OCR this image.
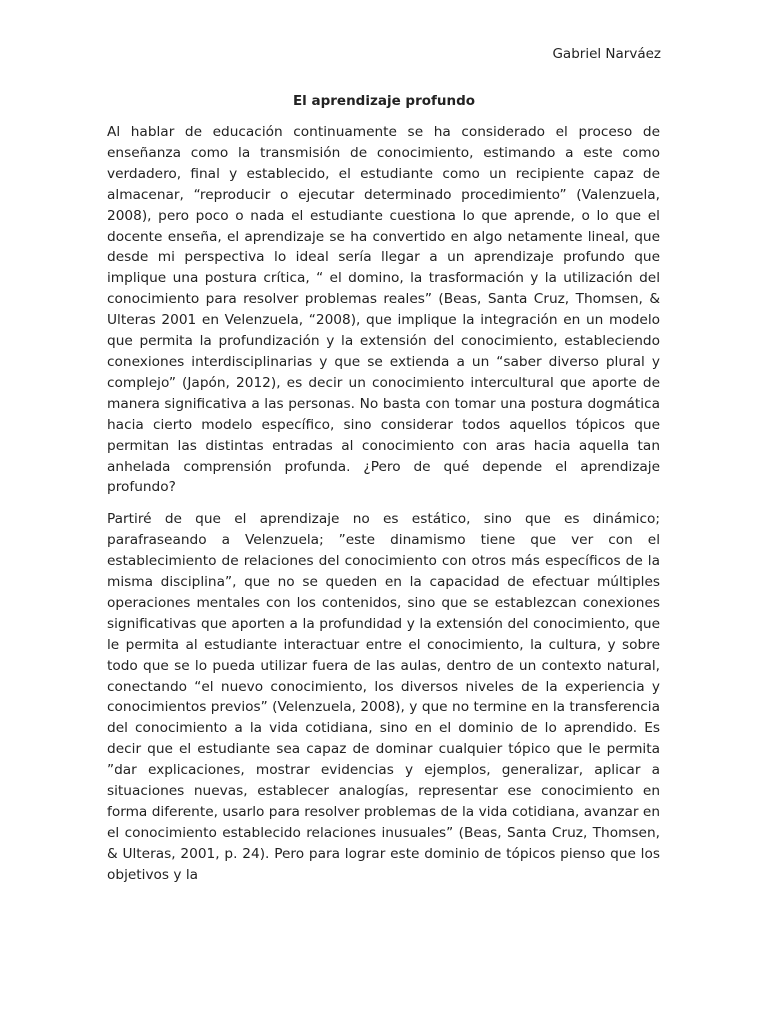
Gabriel Narváez
El aprendizaje profundo

Al hablar de educación continuamente se ha considerado el proceso de enseñanza como la transmisión de conocimiento, estimando a este como verdadero, final y establecido, el estudiante como un recipiente capaz de almacenar, “reproducir o ejecutar determinado procedimiento” (Valenzuela, 2008), pero poco o nada el estudiante cuestiona lo que aprende, o lo que el docente enseña, el aprendizaje se ha convertido en algo netamente lineal, que desde mi perspectiva lo ideal sería llegar a un aprendizaje profundo que implique una postura crítica, “ el domino, la trasformación y la utilización del conocimiento para resolver problemas reales” (Beas, Santa Cruz, Thomsen, & Ulteras 2001 en Velenzuela, “2008), que implique la integración en un modelo que permita la profundización y la extensión del conocimiento, estableciendo conexiones interdisciplinarias y que se extienda a un “saber diverso plural y complejo” (Japón, 2012), es decir un conocimiento intercultural que aporte de manera significativa a las personas. No basta con tomar una postura dogmática hacia cierto modelo específico, sino considerar todos aquellos tópicos que permitan las distintas entradas al conocimiento con aras hacia aquella tan anhelada comprensión profunda. ¿Pero de qué depende el aprendizaje profundo?

Partiré de que el aprendizaje no es estático, sino que es dinámico; parafraseando a Velenzuela; ”este dinamismo tiene que ver con el establecimiento de relaciones del conocimiento con otros más específicos de la misma disciplina”, que no se queden en la capacidad de efectuar múltiples operaciones mentales con los contenidos, sino que se establezcan conexiones significativas que aporten a la profundidad y la extensión del conocimiento, que le permita al estudiante interactuar entre el conocimiento, la cultura, y sobre todo que se lo pueda utilizar fuera de las aulas, dentro de un contexto natural, conectando “el nuevo conocimiento, los diversos niveles de la experiencia y conocimientos previos” (Velenzuela, 2008), y que no termine en la transferencia del conocimiento a la vida cotidiana, sino en el dominio de lo aprendido. Es decir que el estudiante sea capaz de dominar cualquier tópico que le permita ”dar explicaciones, mostrar evidencias y ejemplos, generalizar, aplicar a situaciones nuevas, establecer analogías, representar ese conocimiento en forma diferente, usarlo para resolver problemas de la vida cotidiana, avanzar en el conocimiento establecido relaciones inusuales” (Beas, Santa Cruz, Thomsen, & Ulteras, 2001, p. 24). Pero para lograr este dominio de tópicos pienso que los objetivos y la
